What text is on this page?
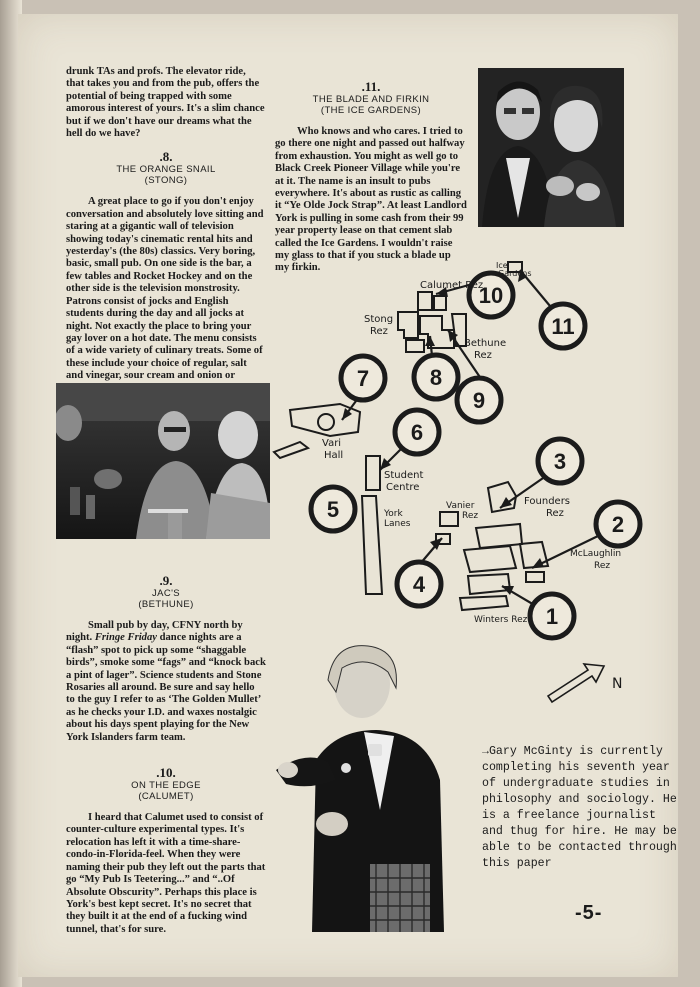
drunk TAs and profs. The elevator ride, that takes you and from the pub, offers the potential of being trapped with some amorous interest of yours. It's a slim chance but if we don't have our dreams what the hell do we have?

.8.
THE ORANGE SNAIL
(STONG)

A great place to go if you don't enjoy conversation and absolutely love sitting and staring at a gigantic wall of television showing today's cinematic rental hits and yesterday's (the 80s) classics. Very boring, basic, small pub. On one side is the bar, a few tables and Rocket Hockey and on the other side is the television monstrosity. Patrons consist of jocks and English students during the day and all jocks at night. Not exactly the place to bring your gay lover on a hot date. The menu consists of a wide variety of culinary treats. Some of these include your choice of regular, salt and vinegar, sour cream and onion or

.9.
JAC'S
(BETHUNE)

Small pub by day, CFNY north by night. Fringe Friday dance nights are a “flash” spot to pick up some “shaggable birds”, smoke some “fags” and “knock back a pint of lager”. Science students and Stone Rosaries all around. Be sure and say hello to the guy I refer to as ‘The Golden Mullet’ as he checks your I.D. and waxes nostalgic about his days spent playing for the New York Islanders farm team.

.10.
ON THE EDGE
(CALUMET)

I heard that Calumet used to consist of counter-culture experimental types. It's relocation has left it with a time-share-condo-in-Florida-feel. When they were naming their pub they left out the parts that go “My Pub Is Teetering...” and “..Of Absolute Obscurity”. Perhaps this place is York's best kept secret. It's no secret that they built it at the end of a fucking wind tunnel, that's for sure.

.11.
THE BLADE AND FIRKIN
(THE ICE GARDENS)

Who knows and who cares. I tried to go there one night and passed out halfway from exhaustion. You might as well go to Black Creek Pioneer Village while you're at it. The name is an insult to pubs everywhere. It's about as rustic as calling it “Ye Olde Jock Strap”. At least Landlord York is pulling in some cash from their 99 year property lease on that cement slab called the Ice Gardens. I wouldn't raise my glass to that if you stuck a blade up my firkin.

11
10
9
8
7
6
5
3
2
4
1
Ice
Gardens
Calumet Rez
Stong
Rez
Bethune
Rez
Vari
Hall
Student
Centre
York
Lanes
Vanier
Rez
Founders
Rez
McLaughlin
Rez
Winters Rez
N
→Gary McGinty is currently completing his seventh year of undergraduate studies in philosophy and sociology. He is a freelance journalist and thug for hire. He may be able to be contacted through this paper
-5-
